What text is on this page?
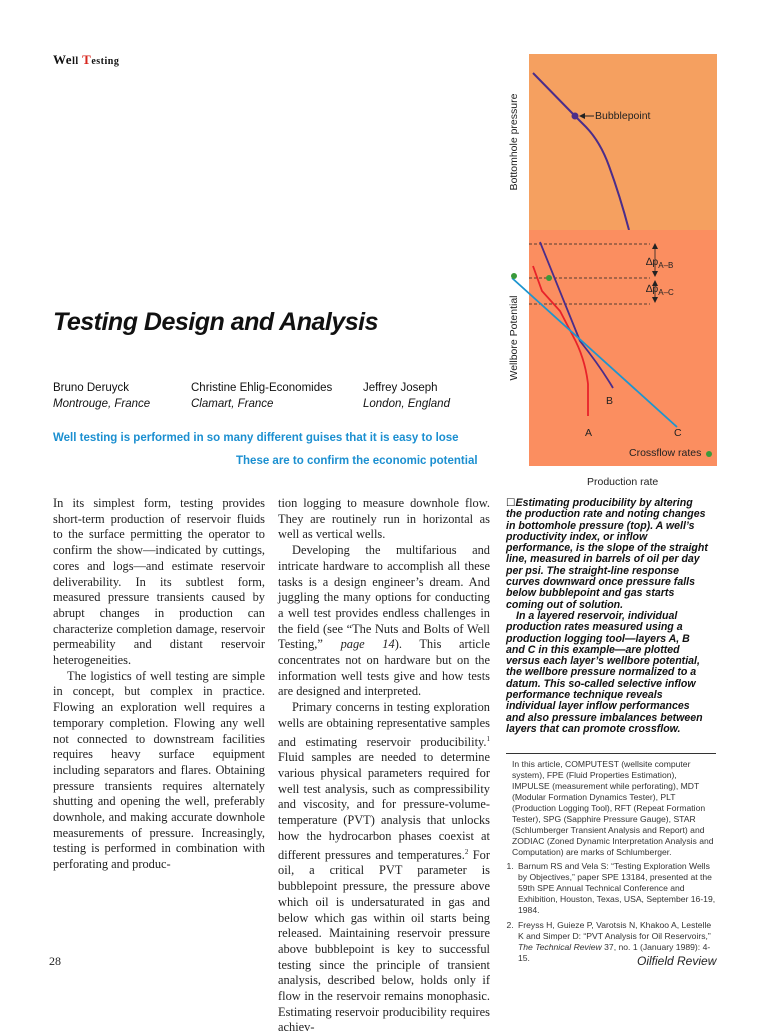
Well Testing
Testing Design and Analysis
Bruno Deruyck
Montrouge, France
Christine Ehlig-Economides
Clamart, France
Jeffrey Joseph
London, England
Well testing is performed in so many different guises that it is easy to lose
These are to confirm the economic potential

In its simplest form, testing provides short-term production of reservoir fluids to the surface permitting the operator to confirm the show—indicated by cuttings, cores and logs—and estimate reservoir deliverability. In its subtlest form, measured pressure transients caused by abrupt changes in production can characterize completion damage, reservoir permeability and distant reservoir heterogeneities.

The logistics of well testing are simple in concept, but complex in practice. Flowing an exploration well requires a temporary completion. Flowing any well not connected to downstream facilities requires heavy surface equipment including separators and flares. Obtaining pressure transients requires alternately shutting and opening the well, preferably downhole, and making accurate downhole measurements of pressure. Increasingly, testing is performed in combination with perforating and produc-

tion logging to measure downhole flow. They are routinely run in horizontal as well as vertical wells.

Developing the multifarious and intricate hardware to accomplish all these tasks is a design engineer’s dream. And juggling the many options for conducting a well test provides endless challenges in the field (see “The Nuts and Bolts of Well Testing,” page 14). This article concentrates not on hardware but on the information well tests give and how tests are designed and interpreted.

Primary concerns in testing exploration wells are obtaining representative samples and estimating reservoir producibility.$^1$ Fluid samples are needed to determine various physical parameters required for well test analysis, such as compressibility and viscosity, and for pressure-volume-temperature (PVT) analysis that unlocks how the hydrocarbon phases coexist at different pressures and temperatures.$^2$ For oil, a critical PVT parameter is bubblepoint pressure, the pressure above which oil is undersaturated in gas and below which gas within oil starts being released. Maintaining reservoir pressure above bubblepoint is key to successful testing since the principle of transient analysis, described below, holds only if flow in the reservoir remains monophasic. Estimating reservoir producibility requires achiev-

Bottomhole pressure	Bubblepoint
Wellbore Potential
$\Delta p_{A-B}$
$\Delta p_{A-C}$
A
B
C
Crossflow rates
Production rate

☐Estimating producibility by altering the production rate and noting changes in bottomhole pressure (top). A well’s productivity index, or inflow performance, is the slope of the straight line, measured in barrels of oil per day per psi. The straight-line response curves downward once pressure falls below bubblepoint and gas starts coming out of solution.

In a layered reservoir, individual production rates measured using a production logging tool—layers A, B and C in this example—are plotted versus each layer’s wellbore potential, the wellbore pressure normalized to a datum. This so-called selective inflow performance technique reveals individual layer inflow performances and also pressure imbalances between layers that can promote crossflow.

In this article, COMPUTEST (wellsite computer system), FPE (Fluid Properties Estimation), IMPULSE (measurement while perforating), MDT (Modular Formation Dynamics Tester), PLT (Production Logging Tool), RFT (Repeat Formation Tester), SPG (Sapphire Pressure Gauge), STAR (Schlumberger Transient Analysis and Report) and ZODIAC (Zoned Dynamic Interpretation Analysis and Computation) are marks of Schlumberger.

1. Barnum RS and Vela S: “Testing Exploration Wells by Objectives,” paper SPE 13184, presented at the 59th SPE Annual Technical Conference and Exhibition, Houston, Texas, USA, September 16-19, 1984.
2. Freyss H, Guieze P, Varotsis N, Khakoo A, Lestelle K and Simper D: “PVT Analysis for Oil Reservoirs,” The Technical Review 37, no. 1 (January 1989): 4-15.
28	Oilfield Review
